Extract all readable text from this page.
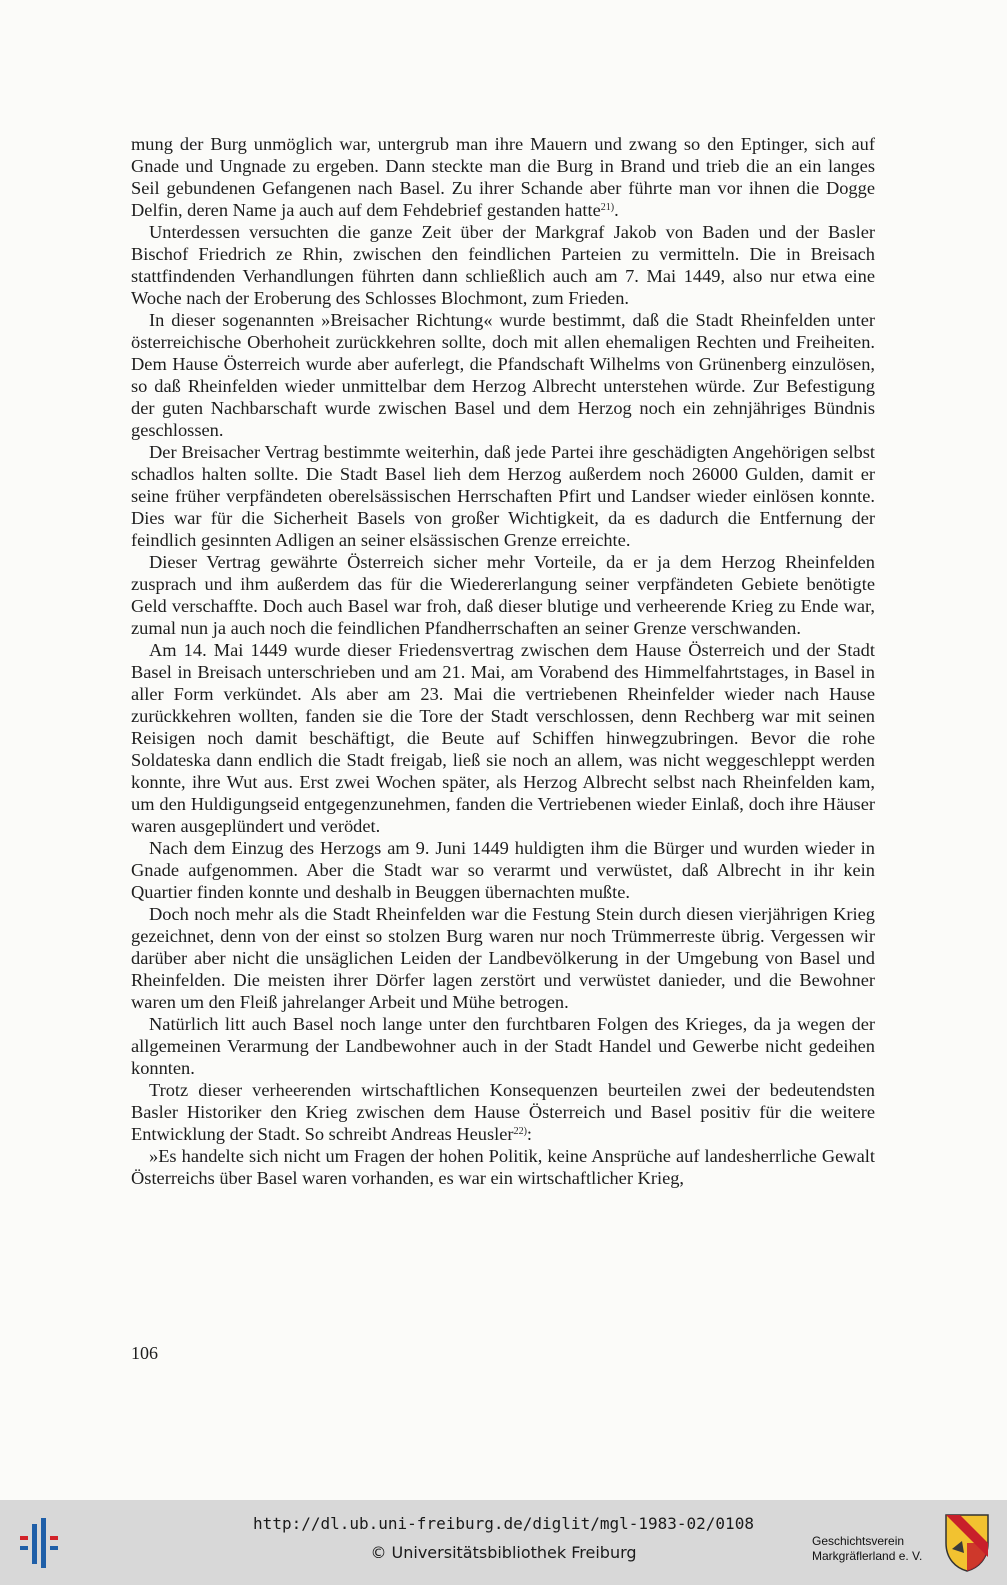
mung der Burg unmöglich war, untergrub man ihre Mauern und zwang so den Eptinger, sich auf Gnade und Ungnade zu ergeben. Dann steckte man die Burg in Brand und trieb die an ein langes Seil gebundenen Gefangenen nach Basel. Zu ihrer Schande aber führte man vor ihnen die Dogge Delfin, deren Name ja auch auf dem Fehdebrief gestanden hatte$^{21)}$.

Unterdessen versuchten die ganze Zeit über der Markgraf Jakob von Baden und der Basler Bischof Friedrich ze Rhin, zwischen den feindlichen Parteien zu vermitteln. Die in Breisach stattfindenden Verhandlungen führten dann schließlich auch am 7. Mai 1449, also nur etwa eine Woche nach der Eroberung des Schlosses Blochmont, zum Frieden.

In dieser sogenannten »Breisacher Richtung« wurde bestimmt, daß die Stadt Rheinfelden unter österreichische Oberhoheit zurückkehren sollte, doch mit allen ehemaligen Rechten und Freiheiten. Dem Hause Österreich wurde aber auferlegt, die Pfandschaft Wilhelms von Grünenberg einzulösen, so daß Rheinfelden wieder unmittelbar dem Herzog Albrecht unterstehen würde. Zur Befestigung der guten Nachbarschaft wurde zwischen Basel und dem Herzog noch ein zehnjähriges Bündnis geschlossen.

Der Breisacher Vertrag bestimmte weiterhin, daß jede Partei ihre geschädigten Angehörigen selbst schadlos halten sollte. Die Stadt Basel lieh dem Herzog außerdem noch 26000 Gulden, damit er seine früher verpfändeten oberelsässischen Herrschaften Pfirt und Landser wieder einlösen konnte. Dies war für die Sicherheit Basels von großer Wichtigkeit, da es dadurch die Entfernung der feindlich gesinnten Adligen an seiner elsässischen Grenze erreichte.

Dieser Vertrag gewährte Österreich sicher mehr Vorteile, da er ja dem Herzog Rheinfelden zusprach und ihm außerdem das für die Wiedererlangung seiner verpfändeten Gebiete benötigte Geld verschaffte. Doch auch Basel war froh, daß dieser blutige und verheerende Krieg zu Ende war, zumal nun ja auch noch die feindlichen Pfandherrschaften an seiner Grenze verschwanden.

Am 14. Mai 1449 wurde dieser Friedensvertrag zwischen dem Hause Österreich und der Stadt Basel in Breisach unterschrieben und am 21. Mai, am Vorabend des Himmelfahrtstages, in Basel in aller Form verkündet. Als aber am 23. Mai die vertriebenen Rheinfelder wieder nach Hause zurückkehren wollten, fanden sie die Tore der Stadt verschlossen, denn Rechberg war mit seinen Reisigen noch damit beschäftigt, die Beute auf Schiffen hinwegzubringen. Bevor die rohe Soldateska dann endlich die Stadt freigab, ließ sie noch an allem, was nicht weggeschleppt werden konnte, ihre Wut aus. Erst zwei Wochen später, als Herzog Albrecht selbst nach Rheinfelden kam, um den Huldigungseid entgegenzunehmen, fanden die Vertriebenen wieder Einlaß, doch ihre Häuser waren ausgeplündert und verödet.

Nach dem Einzug des Herzogs am 9. Juni 1449 huldigten ihm die Bürger und wurden wieder in Gnade aufgenommen. Aber die Stadt war so verarmt und verwüstet, daß Albrecht in ihr kein Quartier finden konnte und deshalb in Beuggen übernachten mußte.

Doch noch mehr als die Stadt Rheinfelden war die Festung Stein durch diesen vierjährigen Krieg gezeichnet, denn von der einst so stolzen Burg waren nur noch Trümmerreste übrig. Vergessen wir darüber aber nicht die unsäglichen Leiden der Landbevölkerung in der Umgebung von Basel und Rheinfelden. Die meisten ihrer Dörfer lagen zerstört und verwüstet danieder, und die Bewohner waren um den Fleiß jahrelanger Arbeit und Mühe betrogen.

Natürlich litt auch Basel noch lange unter den furchtbaren Folgen des Krieges, da ja wegen der allgemeinen Verarmung der Landbewohner auch in der Stadt Handel und Gewerbe nicht gedeihen konnten.

Trotz dieser verheerenden wirtschaftlichen Konsequenzen beurteilen zwei der bedeutendsten Basler Historiker den Krieg zwischen dem Hause Österreich und Basel positiv für die weitere Entwicklung der Stadt. So schreibt Andreas Heusler$^{22)}$:

»Es handelte sich nicht um Fragen der hohen Politik, keine Ansprüche auf landesherrliche Gewalt Österreichs über Basel waren vorhanden, es war ein wirtschaftlicher Krieg,

106
http://dl.ub.uni-freiburg.de/diglit/mgl-1983-02/0108
© Universitätsbibliothek Freiburg
Geschichtsverein
Markgräflerland e. V.
